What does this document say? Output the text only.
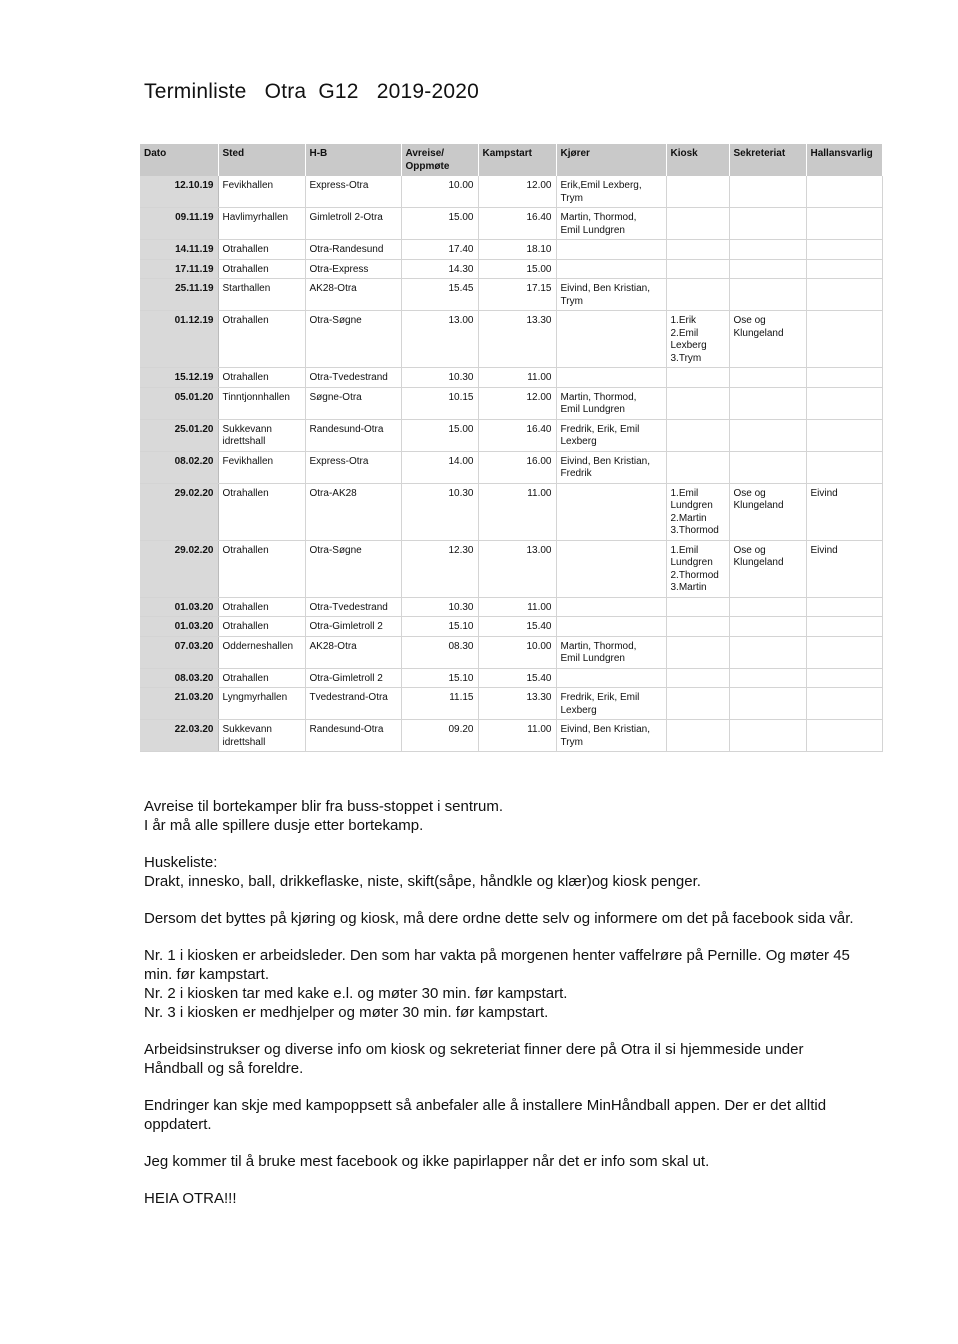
Terminliste   Otra  G12   2019-2020
Dato	Sted	H-B	Avreise/
Oppmøte	Kampstart	Kjører	Kiosk	Sekreteriat	Hallansvarlig
12.10.19	Fevikhallen	Express-Otra	10.00	12.00	Erik,Emil Lexberg,
Trym			
09.11.19	Havlimyrhallen	Gimletroll 2-Otra	15.00	16.40	Martin, Thormod,
Emil Lundgren			
14.11.19	Otrahallen	Otra-Randesund	17.40	18.10				
17.11.19	Otrahallen	Otra-Express	14.30	15.00				
25.11.19	Starthallen	AK28-Otra	15.45	17.15	Eivind, Ben Kristian,
Trym			
01.12.19	Otrahallen	Otra-Søgne	13.00	13.30		1.Erik
2.Emil
Lexberg
3.Trym	Ose og
Klungeland	
15.12.19	Otrahallen	Otra-Tvedestrand	10.30	11.00				
05.01.20	Tinntjonnhallen	Søgne-Otra	10.15	12.00	Martin, Thormod,
Emil Lundgren			
25.01.20	Sukkevann
idrettshall	Randesund-Otra	15.00	16.40	Fredrik, Erik, Emil
Lexberg			
08.02.20	Fevikhallen	Express-Otra	14.00	16.00	Eivind, Ben Kristian,
Fredrik			
29.02.20	Otrahallen	Otra-AK28	10.30	11.00		1.Emil
Lundgren
2.Martin
3.Thormod	Ose og
Klungeland	Eivind
29.02.20	Otrahallen	Otra-Søgne	12.30	13.00		1.Emil
Lundgren
2.Thormod
3.Martin	Ose og
Klungeland	Eivind
01.03.20	Otrahallen	Otra-Tvedestrand	10.30	11.00				
01.03.20	Otrahallen	Otra-Gimletroll 2	15.10	15.40				
07.03.20	Odderneshallen	AK28-Otra	08.30	10.00	Martin, Thormod,
Emil Lundgren			
08.03.20	Otrahallen	Otra-Gimletroll 2	15.10	15.40				
21.03.20	Lyngmyrhallen	Tvedestrand-Otra	11.15	13.30	Fredrik, Erik, Emil
Lexberg			
22.03.20	Sukkevann
idrettshall	Randesund-Otra	09.20	11.00	Eivind, Ben Kristian,
Trym			

Avreise til bortekamper blir fra buss-stoppet i sentrum.
I år må alle spillere dusje etter bortekamp.

Huskeliste:
Drakt, innesko, ball, drikkeflaske, niste, skift(såpe, håndkle og klær)og kiosk penger.

Dersom det byttes på kjøring og kiosk, må dere ordne dette selv og informere om det på facebook sida vår.

Nr. 1 i kiosken er arbeidsleder. Den som har vakta på morgenen henter vaffelrøre på Pernille. Og møter 45 min. før kampstart.
Nr. 2 i kiosken tar med kake e.l. og møter 30 min. før kampstart.
Nr. 3 i kiosken er medhjelper og møter 30 min. før kampstart.

Arbeidsinstrukser og diverse info om kiosk og sekreteriat finner dere på Otra il si hjemmeside under Håndball og så foreldre.

Endringer kan skje med kampoppsett så anbefaler alle å installere MinHåndball appen. Der er det alltid oppdatert.

Jeg kommer til å bruke mest facebook og ikke papirlapper når det er info som skal ut.

HEIA OTRA!!!
